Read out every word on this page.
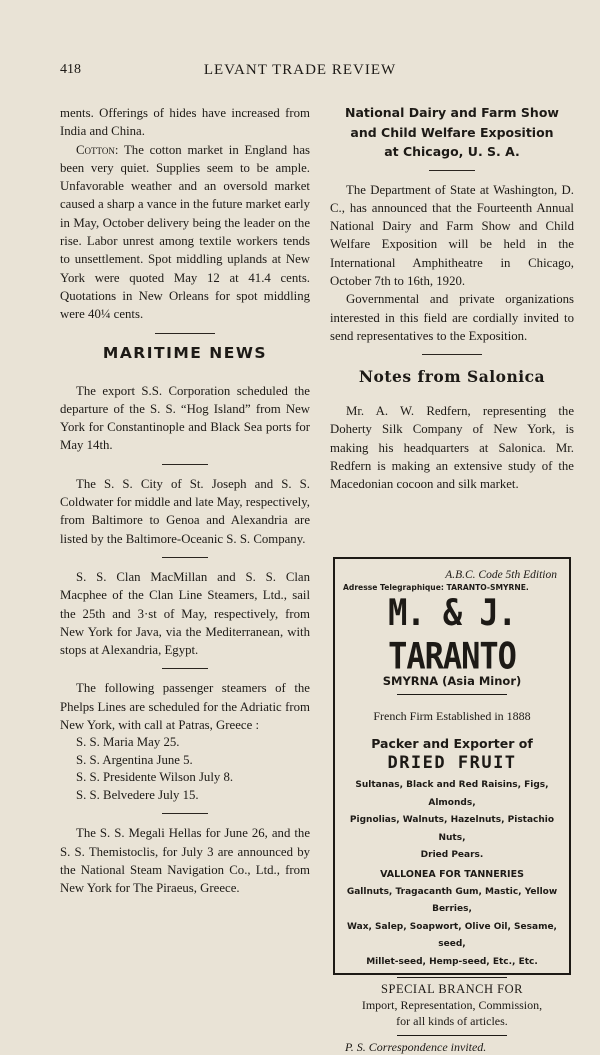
418	LEVANT TRADE REVIEW

ments. Offerings of hides have increased from India and China.

Cotton: The cotton market in England has been very quiet. Supplies seem to be ample. Unfavorable weather and an oversold market caused a sharp a vance in the future market early in May, October delivery being the leader on the rise. Labor unrest among textile workers tends to unsettlement. Spot middling uplands at New York were quoted May 12 at 41.4 cents. Quotations in New Orleans for spot middling were 40¼ cents.

MARITIME NEWS

The export S.S. Corporation scheduled the departure of the S. S. “Hog Island” from New York for Constantinople and Black Sea ports for May 14th.

The S. S. City of St. Joseph and S. S. Coldwater for middle and late May, respectively, from Baltimore to Genoa and Alexandria are listed by the Baltimore-Oceanic S. S. Company.

S. S. Clan MacMillan and S. S. Clan Macphee of the Clan Line Steamers, Ltd., sail the 25th and 3·st of May, respectively, from New York for Java, via the Mediterranean, with stops at Alexandria, Egypt.

The following passenger steamers of the Phelps Lines are scheduled for the Adriatic from New York, with call at Patras, Greece :

S. S. Maria May 25.
S. S. Argentina June 5.
S. S. Presidente Wilson July 8.
S. S. Belvedere July 15.

The S. S. Megali Hellas for June 26, and the S. S. Themistoclis, for July 3 are announced by the National Steam Navigation Co., Ltd., from New York for The Piraeus, Greece.

National Dairy and Farm Show
and Child Welfare Exposition
at Chicago, U. S. A.

The Department of State at Washington, D. C., has announced that the Fourteenth Annual National Dairy and Farm Show and Child Welfare Exposition will be held in the International Amphitheatre in Chicago, October 7th to 16th, 1920.

Governmental and private organizations interested in this field are cordially invited to send representatives to the Exposition.

Notes from Salonica

Mr. A. W. Redfern, representing the Doherty Silk Company of New York, is making his headquarters at Salonica. Mr. Redfern is making an extensive study of the Macedonian cocoon and silk market.

A.B.C. Code 5th Edition
Adresse Telegraphique: TARANTO-SMYRNE.
M. & J. TARANTO
SMYRNA (Asia Minor)
French Firm Established in 1888
Packer and Exporter of
DRIED FRUIT
Sultanas, Black and Red Raisins, Figs, Almonds,
Pignolias, Walnuts, Hazelnuts, Pistachio Nuts,
Dried Pears.
VALLONEA FOR TANNERIES
Gallnuts, Tragacanth Gum, Mastic, Yellow Berries,
Wax, Salep, Soapwort, Olive Oil, Sesame, seed,
Millet-seed, Hemp-seed, Etc., Etc.
SPECIAL BRANCH FOR
Import, Representation, Commission,
for all kinds of articles.
P. S. Correspondence invited.
